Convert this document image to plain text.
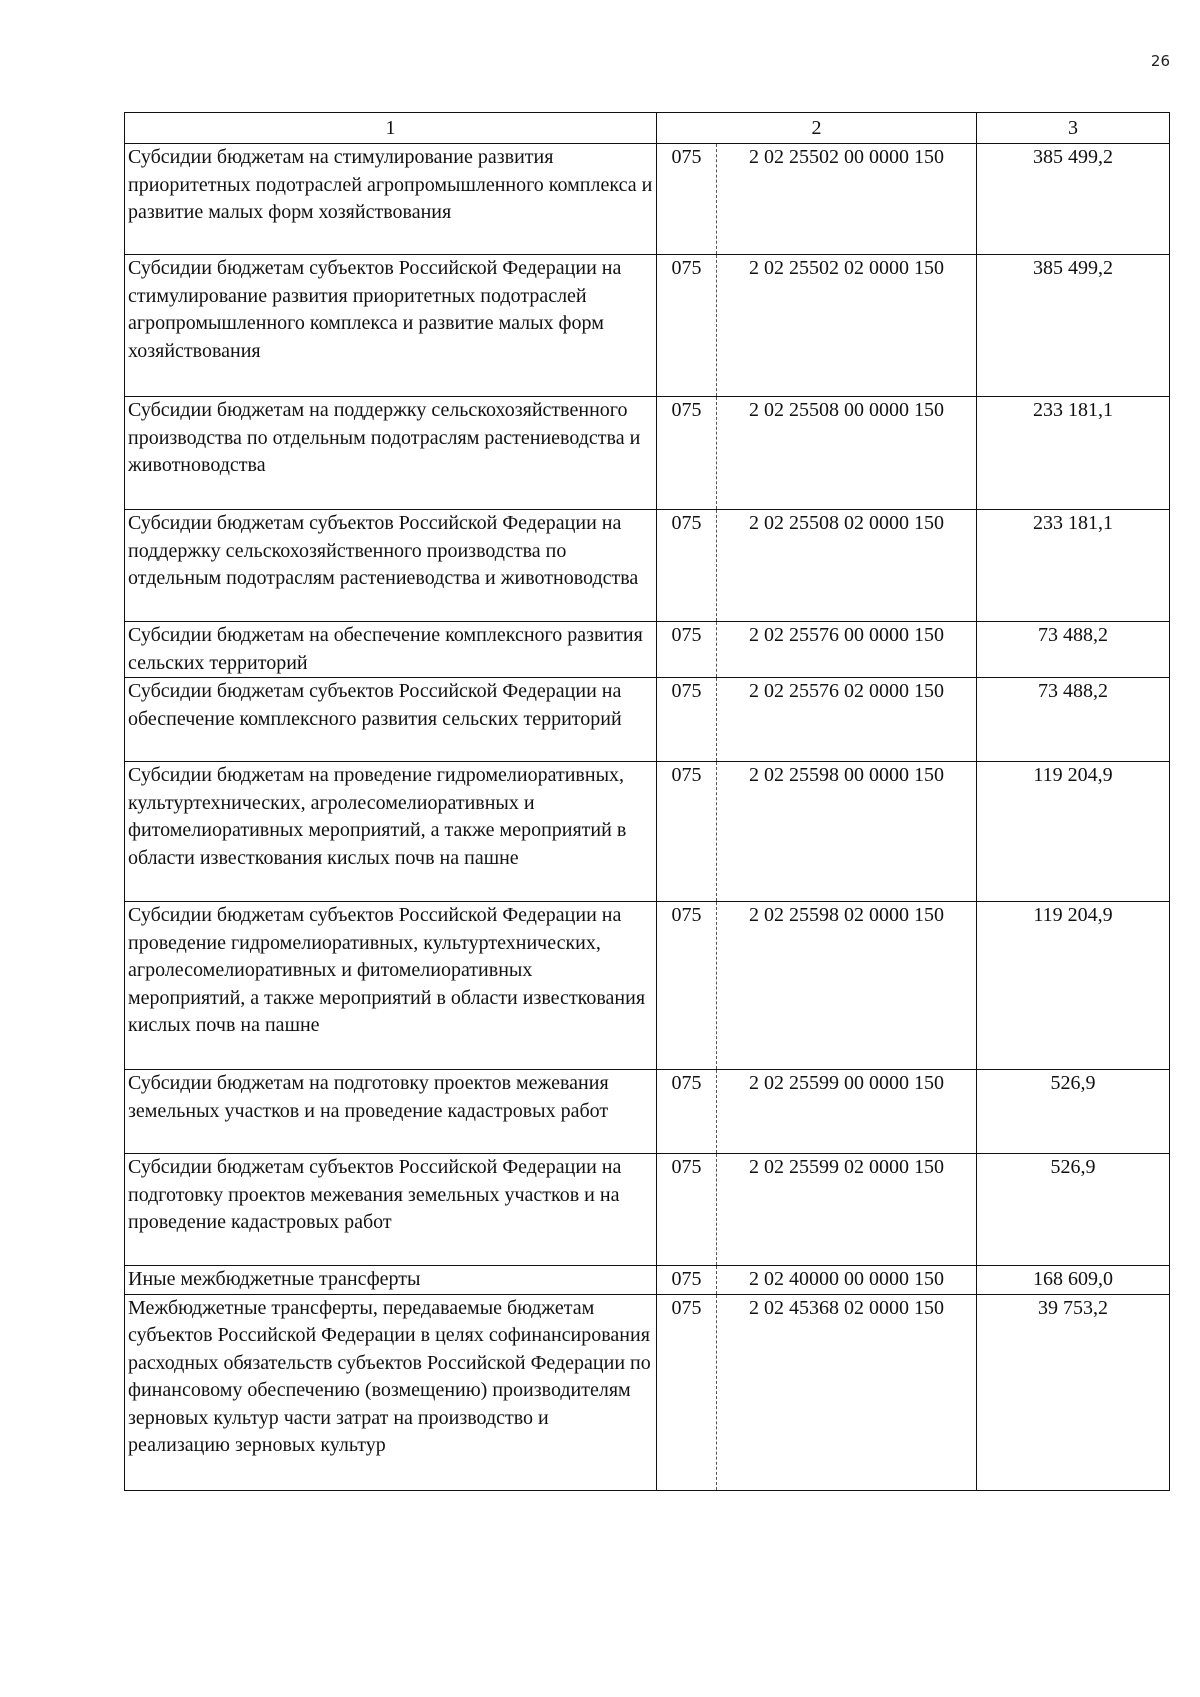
26
1	2		3
Субсидии бюджетам на стимулирование развития приоритетных подотраслей агропромышленного комплекса и развитие малых форм хозяйствования	075	2 02 25502 00 0000 150	385 499,2
Субсидии бюджетам субъектов Российской Федерации на стимулирование развития приоритетных подотраслей агропромышленного комплекса и развитие малых форм хозяйствования	075	2 02 25502 02 0000 150	385 499,2
Субсидии бюджетам на поддержку сельскохозяйственного производства по отдельным подотраслям растениеводства и животноводства	075	2 02 25508 00 0000 150	233 181,1
Субсидии бюджетам субъектов Российской Федерации на поддержку сельскохозяйственного производства по отдельным подотраслям растениеводства и животноводства	075	2 02 25508 02 0000 150	233 181,1
Субсидии бюджетам на обеспечение комплексного развития сельских территорий	075	2 02 25576 00 0000 150	73 488,2
Субсидии бюджетам субъектов Российской Федерации на обеспечение комплексного развития сельских территорий	075	2 02 25576 02 0000 150	73 488,2
Субсидии бюджетам на проведение гидромелиоративных, культуртехнических, агролесомелиоративных и фитомелиоративных мероприятий, а также мероприятий в области известкования кислых почв на пашне	075	2 02 25598 00 0000 150	119 204,9
Субсидии бюджетам субъектов Российской Федерации на проведение гидромелиоративных, культуртехнических, агролесомелиоративных и фитомелиоративных мероприятий, а также мероприятий в области известкования кислых почв на пашне	075	2 02 25598 02 0000 150	119 204,9
Субсидии бюджетам на подготовку проектов межевания земельных участков и на проведение кадастровых работ	075	2 02 25599 00 0000 150	526,9
Субсидии бюджетам субъектов Российской Федерации на подготовку проектов межевания земельных участков и на проведение кадастровых работ	075	2 02 25599 02 0000 150	526,9
Иные межбюджетные трансферты	075	2 02 40000 00 0000 150	168 609,0
Межбюджетные трансферты, передаваемые бюджетам субъектов Российской Федерации в целях софинансирования расходных обязательств субъектов Российской Федерации по финансовому обеспечению (возмещению) производителям зерновых культур части затрат на производство и реализацию зерновых культур	075	2 02 45368 02 0000 150	39 753,2
